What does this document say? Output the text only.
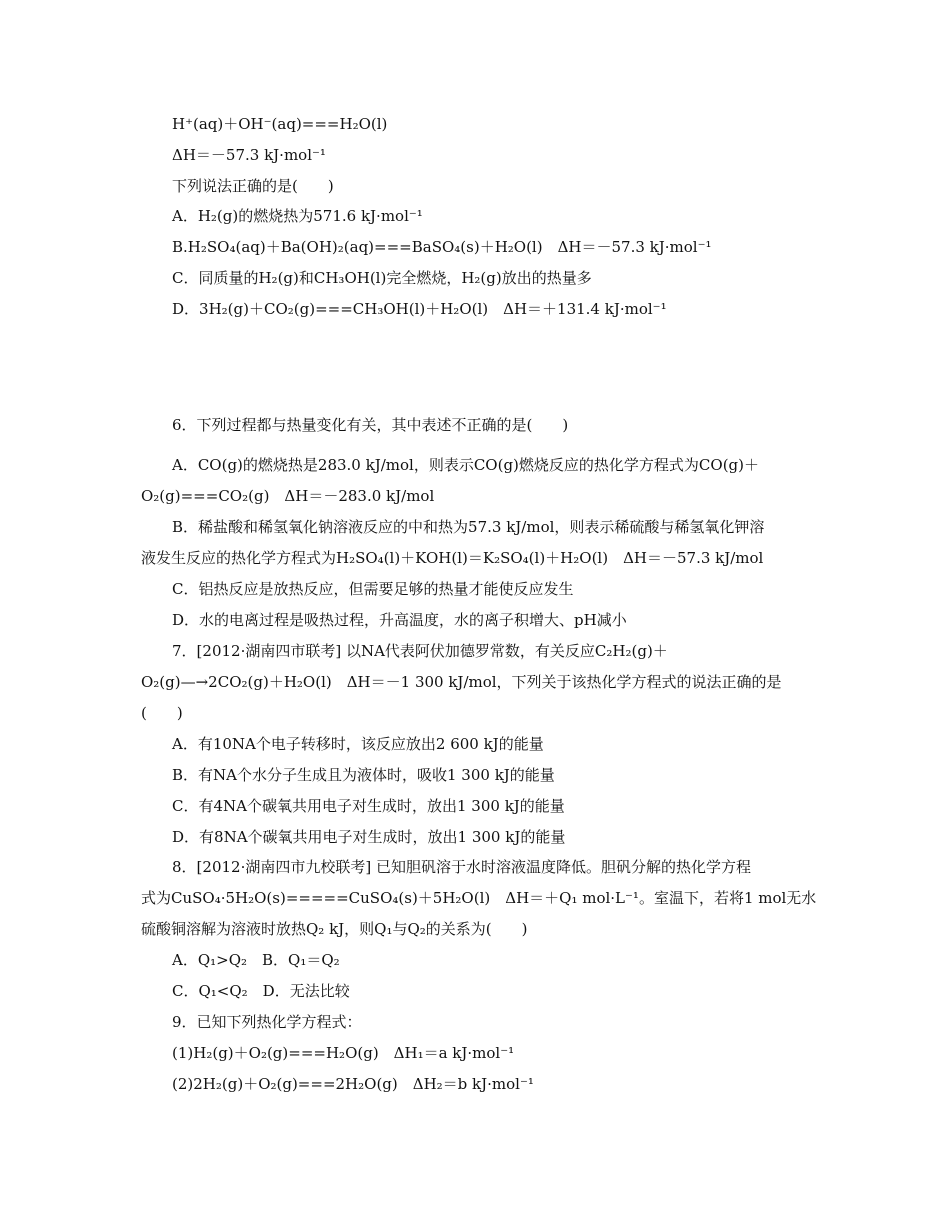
H⁺(aq)＋OH⁻(aq)===H₂O(l)
ΔH＝－57.3 kJ·mol⁻¹
下列说法正确的是(　　)
A．H₂(g)的燃烧热为571.6 kJ·mol⁻¹
B.H₂SO₄(aq)＋Ba(OH)₂(aq)===BaSO₄(s)＋H₂O(l)　ΔH＝－57.3 kJ·mol⁻¹
C．同质量的H₂(g)和CH₃OH(l)完全燃烧，H₂(g)放出的热量多
D．3H₂(g)＋CO₂(g)===CH₃OH(l)＋H₂O(l)　ΔH＝＋131.4 kJ·mol⁻¹
6．下列过程都与热量变化有关，其中表述不正确的是(　　)
A．CO(g)的燃烧热是283.0 kJ/mol，则表示CO(g)燃烧反应的热化学方程式为CO(g)＋
O₂(g)===CO₂(g)　ΔH＝－283.0 kJ/mol
B．稀盐酸和稀氢氧化钠溶液反应的中和热为57.3 kJ/mol，则表示稀硫酸与稀氢氧化钾溶
液发生反应的热化学方程式为H₂SO₄(l)＋KOH(l)＝K₂SO₄(l)＋H₂O(l)　ΔH＝－57.3 kJ/mol
C．铝热反应是放热反应，但需要足够的热量才能使反应发生
D．水的电离过程是吸热过程，升高温度，水的离子积增大、pH减小
7．[2012·湖南四市联考] 以NA代表阿伏加德罗常数，有关反应C₂H₂(g)＋
O₂(g)—→2CO₂(g)＋H₂O(l)　ΔH＝－1 300 kJ/mol，下列关于该热化学方程式的说法正确的是
(　　)
A．有10NA个电子转移时，该反应放出2 600 kJ的能量
B．有NA个水分子生成且为液体时，吸收1 300 kJ的能量
C．有4NA个碳氧共用电子对生成时，放出1 300 kJ的能量
D．有8NA个碳氧共用电子对生成时，放出1 300 kJ的能量
8．[2012·湖南四市九校联考] 已知胆矾溶于水时溶液温度降低。胆矾分解的热化学方程
式为CuSO₄·5H₂O(s)=====CuSO₄(s)＋5H₂O(l)　ΔH＝＋Q₁ mol·L⁻¹。室温下，若将1 mol无水
硫酸铜溶解为溶液时放热Q₂ kJ，则Q₁与Q₂的关系为(　　)
A．Q₁>Q₂　B．Q₁＝Q₂
C．Q₁<Q₂　D．无法比较
9．已知下列热化学方程式：
(1)H₂(g)＋O₂(g)===H₂O(g)　ΔH₁＝a kJ·mol⁻¹
(2)2H₂(g)＋O₂(g)===2H₂O(g)　ΔH₂＝b kJ·mol⁻¹
